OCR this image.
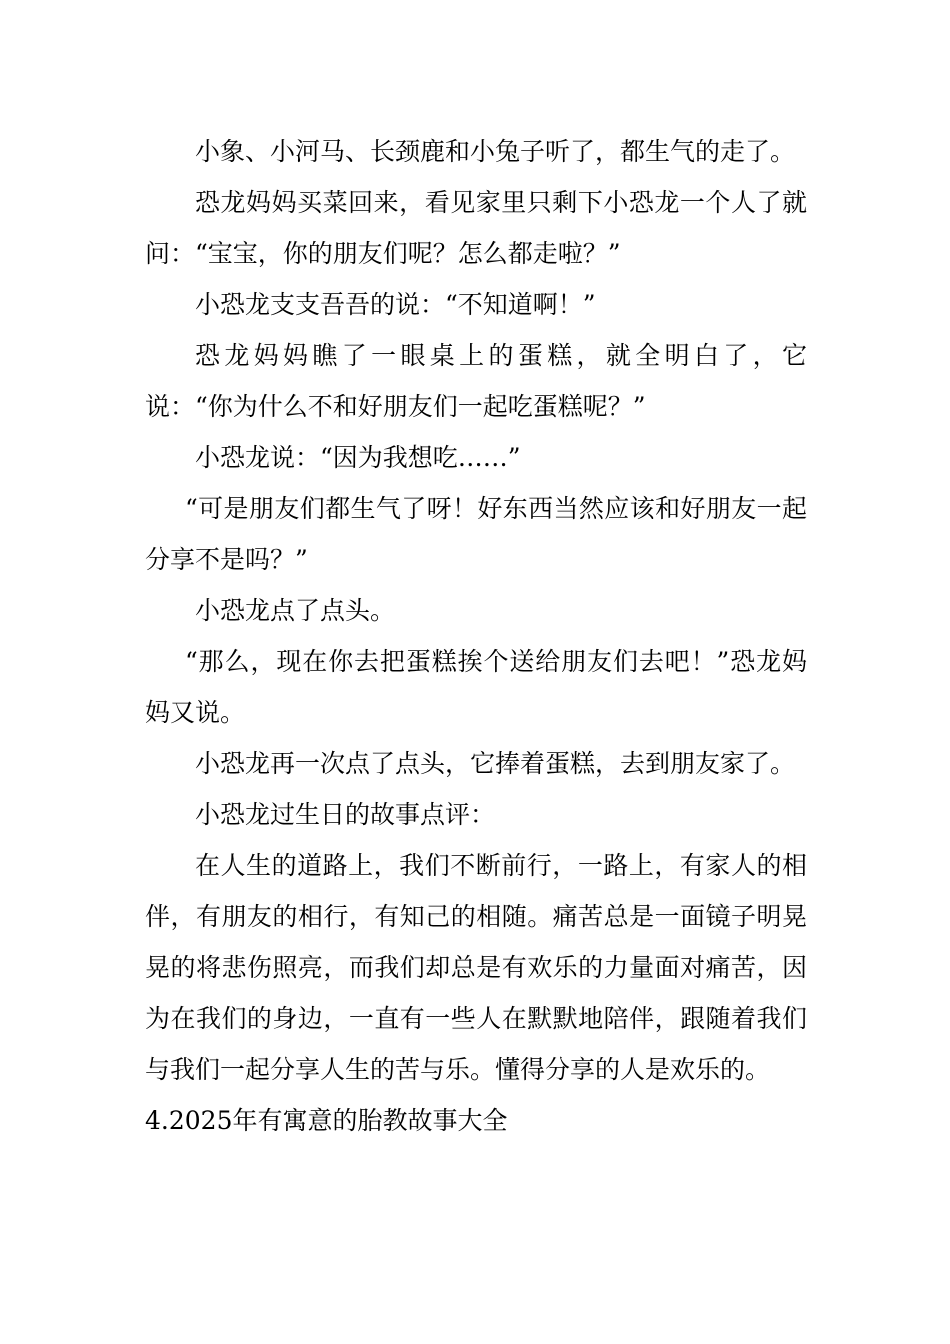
小象、小河马、长颈鹿和小兔子听了，都生气的走了。

恐龙妈妈买菜回来，看见家里只剩下小恐龙一个人了就问：“宝宝，你的朋友们呢？怎么都走啦？”

小恐龙支支吾吾的说：“不知道啊！”

恐龙妈妈瞧了一眼桌上的蛋糕，就全明白了，它说：“你为什么不和好朋友们一起吃蛋糕呢？”

小恐龙说：“因为我想吃……”

“可是朋友们都生气了呀！好东西当然应该和好朋友一起分享不是吗？”

小恐龙点了点头。

“那么，现在你去把蛋糕挨个送给朋友们去吧！”恐龙妈妈又说。

小恐龙再一次点了点头，它捧着蛋糕，去到朋友家了。

小恐龙过生日的故事点评：

在人生的道路上，我们不断前行，一路上，有家人的相伴，有朋友的相行，有知己的相随。痛苦总是一面镜子明晃晃的将悲伤照亮，而我们却总是有欢乐的力量面对痛苦，因为在我们的身边，一直有一些人在默默地陪伴，跟随着我们与我们一起分享人生的苦与乐。懂得分享的人是欢乐的。

4.2025年有寓意的胎教故事大全
